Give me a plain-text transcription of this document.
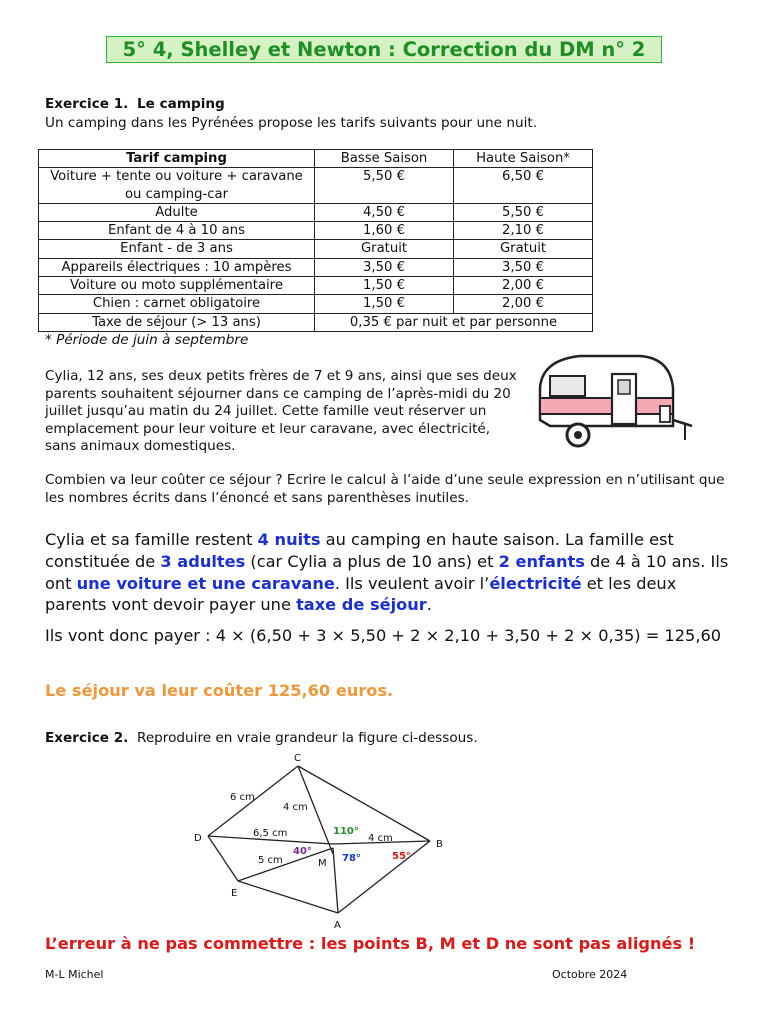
5° 4, Shelley et Newton : Correction du DM n° 2
Exercice 1. Le camping
Un camping dans les Pyrénées propose les tarifs suivants pour une nuit.
Tarif camping	Basse Saison	Haute Saison*
Voiture + tente ou voiture + caravane ou camping-car	5,50 €	6,50 €
Adulte	4,50 €	5,50 €
Enfant de 4 à 10 ans	1,60 €	2,10 €
Enfant - de 3 ans	Gratuit	Gratuit
Appareils électriques : 10 ampères	3,50 €	3,50 €
Voiture ou moto supplémentaire	1,50 €	2,00 €
Chien : carnet obligatoire	1,50 €	2,00 €
Taxe de séjour (> 13 ans)	0,35 € par nuit et par personne	
* Période de juin à septembre
Cylia, 12 ans, ses deux petits frères de 7 et 9 ans, ainsi que ses deux
parents souhaitent séjourner dans ce camping de l’après-midi du 20
juillet jusqu’au matin du 24 juillet. Cette famille veut réserver un
emplacement pour leur voiture et leur caravane, avec électricité,
sans animaux domestiques.
Combien va leur coûter ce séjour ? Ecrire le calcul à l’aide d’une seule expression en n’utilisant que
les nombres écrits dans l’énoncé et sans parenthèses inutiles.
Cylia et sa famille restent 4 nuits au camping en haute saison. La famille est
constituée de 3 adultes (car Cylia a plus de 10 ans) et 2 enfants de 4 à 10 ans. Ils
ont une voiture et une caravane. Ils veulent avoir l’électricité et les deux
parents vont devoir payer une taxe de séjour.
Ils vont donc payer : 4 × (6,50 + 3 × 5,50 + 2 × 2,10 + 3,50 + 2 × 0,35) = 125,60
Le séjour va leur coûter 125,60 euros.
Exercice 2. Reproduire en vraie grandeur la figure ci-dessous.
C
D
B
E
A
M
6 cm
4 cm
6,5 cm	4 cm
5 cm
110°
40°
78°	55°
L’erreur à ne pas commettre : les points B, M et D ne sont pas alignés !
M-L Michel	Octobre 2024
